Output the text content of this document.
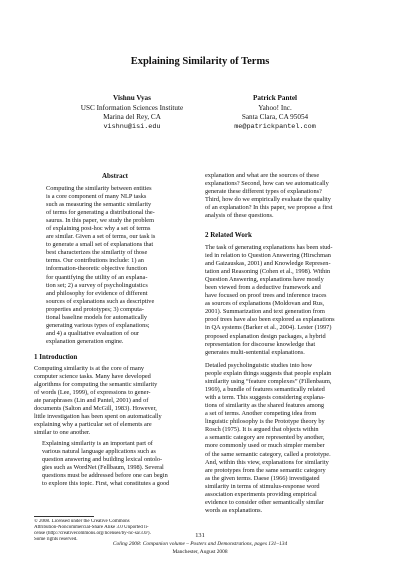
Explaining Similarity of Terms
Vishnu Vyas
USC Information Sciences Institute
Marina del Rey, CA
vishnu@isi.edu
Patrick Pantel
Yahoo! Inc.
Santa Clara, CA 95054
me@patrickpantel.com
Abstract
Computing the similarity between entities
is a core component of many NLP tasks
such as measuring the semantic similarity
of terms for generating a distributional the-
saurus. In this paper, we study the problem
of explaining post-hoc why a set of terms
are similar. Given a set of terms, our task is
to generate a small set of explanations that
best characterizes the similarity of those
terms. Our contributions include: 1) an
information-theoretic objective function
for quantifying the utility of an explana-
tion set; 2) a survey of psycholinguistics
and philosophy for evidence of different
sources of explanations such as descriptive
properties and prototypes; 3) computa-
tional baseline models for automatically
generating various types of explanations;
and 4) a qualitative evaluation of our
explanation generation engine.
1 Introduction
Computing similarity is at the core of many
computer science tasks. Many have developed
algorithms for computing the semantic similarity
of words (Lee, 1999), of expressions to gener-
ate paraphrases (Lin and Pantel, 2001) and of
documents (Salton and McGill, 1983). However,
little investigation has been spent on automatically
explaining why a particular set of elements are
similar to one another.
Explaining similarity is an important part of
various natural language applications such as
question answering and building lexical ontolo-
gies such as WordNet (Fellbaum, 1998). Several
questions must be addressed before one can begin
to explore this topic. First, what constitutes a good
explanation and what are the sources of these
explanations? Second, how can we automatically
generate these different types of explanations?
Third, how do we empirically evaluate the quality
of an explanation? In this paper, we propose a first
analysis of these questions.
2 Related Work
The task of generating explanations has been stud-
ied in relation to Question Answering (Hirschman
and Gaizauskas, 2001) and Knowledge Represen-
tation and Reasoning (Cohen et al., 1998). Within
Question Answering, explanations have mostly
been viewed from a deductive framework and
have focused on proof trees and inference traces
as sources of explanations (Moldovan and Rus,
2001). Summarization and text generation from
proof trees have also been explored as explanations
in QA systems (Barker et al., 2004). Lester (1997)
proposed explanation design packages, a hybrid
representation for discourse knowledge that
generates multi-sentential explanations.
Detailed psycholinguistic studies into how
people explain things suggests that people explain
similarity using “feature complexes” (Fillenbaum,
1969), a bundle of features semantically related
with a term. This suggests considering explana-
tions of similarity as the shared features among
a set of terms. Another competing idea from
linguistic philosophy is the Prototype theory by
Rosch (1975). It is argued that objects within
a semantic category are represented by another,
more commonly used or much simpler member
of the same semantic category, called a prototype.
And, within this view, explanations for similarity
are prototypes from the same semantic category
as the given terms. Daese (1966) investigated
similarity in terms of stimulus-response word
association experiments providing empirical
evidence to consider other semantically similar
words as explanations.
© 2008. Licensed under the Creative Commons
Attribution-Noncommercial-Share Alike 3.0 Unported li-
cense (http://creativecommons.org/licenses/by-nc-sa/3.0/).
Some rights reserved.
131
Coling 2008: Companion volume – Posters and Demonstrations, pages 131–134
Manchester, August 2008
